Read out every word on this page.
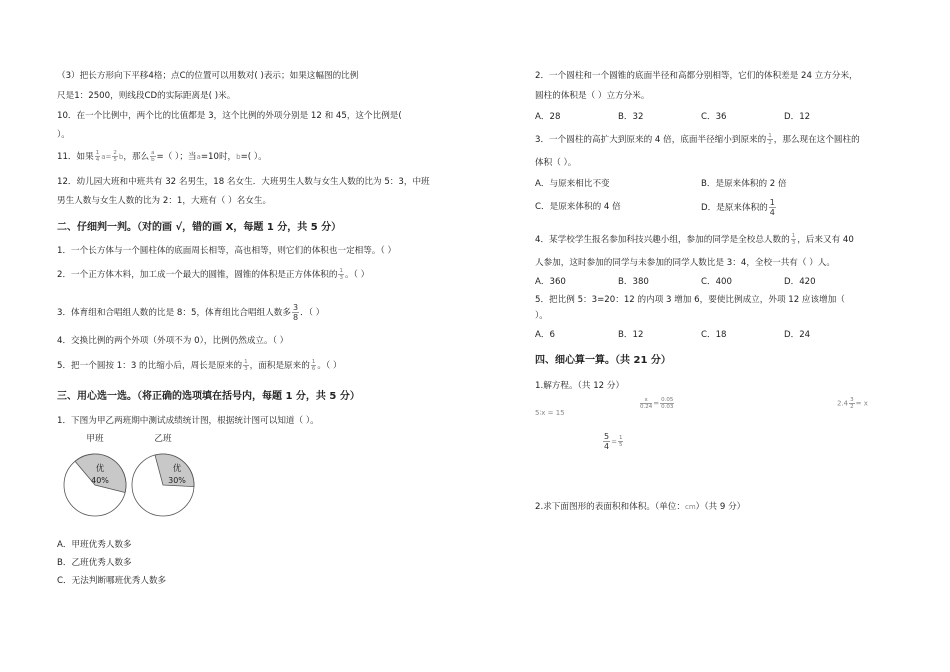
（3）把长方形向下平移4格；点C的位置可以用数对( )表示；如果这幅图的比例
尺是1：2500，则线段CD的实际距离是( )米。
10．在一个比例中，两个比的比值都是 3，这个比例的外项分别是 12 和 45，这个比例是(
）。
11．如果 $\frac{1}{4} a= \frac{2}{5}$ b，那么 $\frac{a}{b}$ =（ ）；当a=10时，b=( ）。
12．幼儿园大班和中班共有 32 名男生，18 名女生．大班男生人数与女生人数的比为 5：3，中班
男生人数与女生人数的比为 2：1，大班有（ ）名女生。
二、仔细判一判。（对的画 √，错的画 X，每题 1 分，共 5 分）
1．一个长方体与一个圆柱体的底面周长相等，高也相等，则它们的体积也一定相等。（ ）
2．一个正方体木料，加工成一个最大的圆锥，圆锥的体积是正方体体积的 $\frac{1}{3}$ 。（ ）
3．体育组和合唱组人数的比是 8：5，体育组比合唱组人数多 $\frac{3}{8}$ ．（ ）
4．交换比例的两个外项（外项不为 0），比例仍然成立。（ ）
5．把一个圆按 1：3 的比缩小后，周长是原来的 $\frac{1}{3}$ ，面积是原来的 $\frac{1}{6}$ 。（ ）
三、用心选一选。（将正确的选项填在括号内，每题 1 分，共 5 分）
1．下图为甲乙两班期中测试成绩统计图，根据统计图可以知道（ ）。
甲班
优
40%
乙班
优
30%
A．甲班优秀人数多
B．乙班优秀人数多
C．无法判断哪班优秀人数多
2．一个圆柱和一个圆锥的底面半径和高都分别相等，它们的体积差是 24 立方分米，
圆柱的体积是（ ）立方分米。
A．28	B．32	C．36	D．12
3．一个圆柱的高扩大到原来的 4 倍，底面半径缩小到原来的 $\frac{1}{2}$ ，那么现在这个圆柱的
体积（ ）。
A．与原来相比不变	B．是原来体积的 2 倍
C．是原来体积的 4 倍	D．是原来体积的 $\frac{1}{4}$
4．某学校学生报名参加科技兴趣小组，参加的同学是全校总人数的 $\frac{1}{3}$ ，后来又有 40
人参加，这时参加的同学与未参加的同学人数比是 3：4，全校一共有（ ）人。
A．360	B．380	C．400	D．420
5．把比例 5：3=20：12 的内项 3 增加 6，要使比例成立，外项 12 应该增加（
）。
A．6	B．12	C．18	D．24
四、细心算一算。（共 21 分）
1.解方程。（共 12 分）
5∶x = 15
$\frac{x}{0.24} = \frac{0.05}{0.03}$	$2.4 \frac{3}{2} = x$
$\frac{5}{4} = \frac{1}{5}$
2.求下面图形的表面积和体积。（单位：cm）（共 9 分）
